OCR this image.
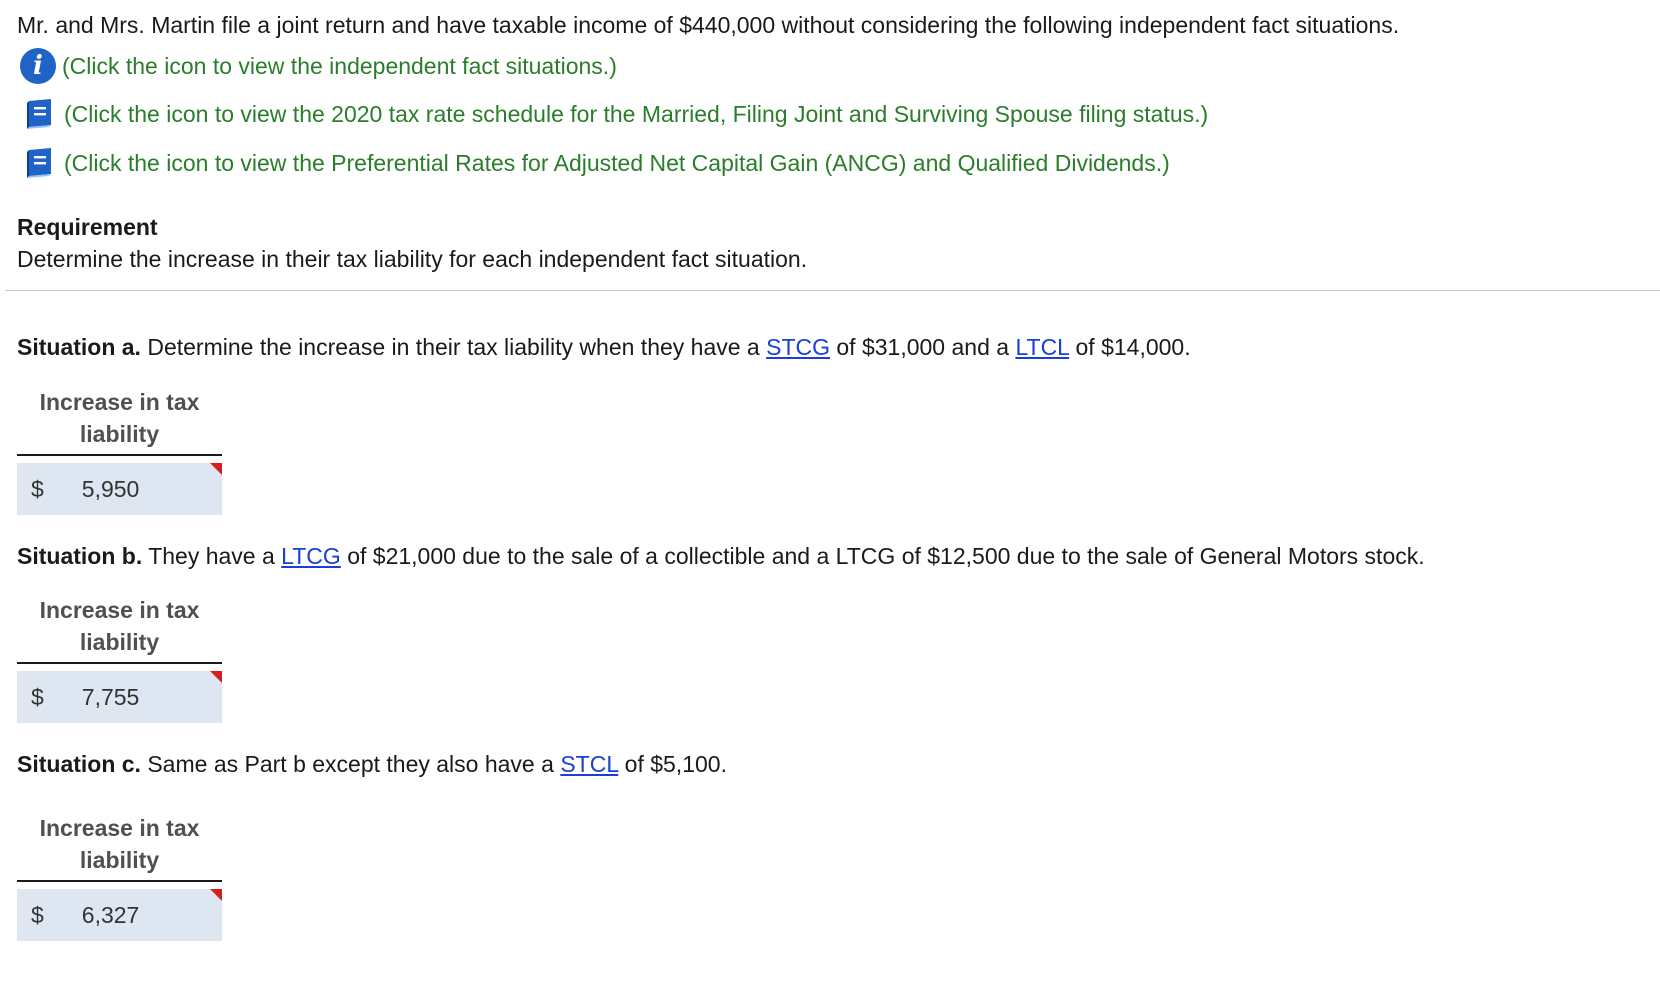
Mr. and Mrs. Martin file a joint return and have taxable income of $440,000 without considering the following independent fact situations.
i (Click the icon to view the independent fact situations.)
(Click the icon to view the 2020 tax rate schedule for the Married, Filing Joint and Surviving Spouse filing status.)
(Click the icon to view the Preferential Rates for Adjusted Net Capital Gain (ANCG) and Qualified Dividends.)
Requirement
Determine the increase in their tax liability for each independent fact situation.
Situation a. Determine the increase in their tax liability when they have a STCG of $31,000 and a LTCL of $14,000.
Increase in tax
liability
$ 5,950
Situation b. They have a LTCG of $21,000 due to the sale of a collectible and a LTCG of $12,500 due to the sale of General Motors stock.
Increase in tax
liability
$ 7,755
Situation c. Same as Part b except they also have a STCL of $5,100.
Increase in tax
liability
$ 6,327
